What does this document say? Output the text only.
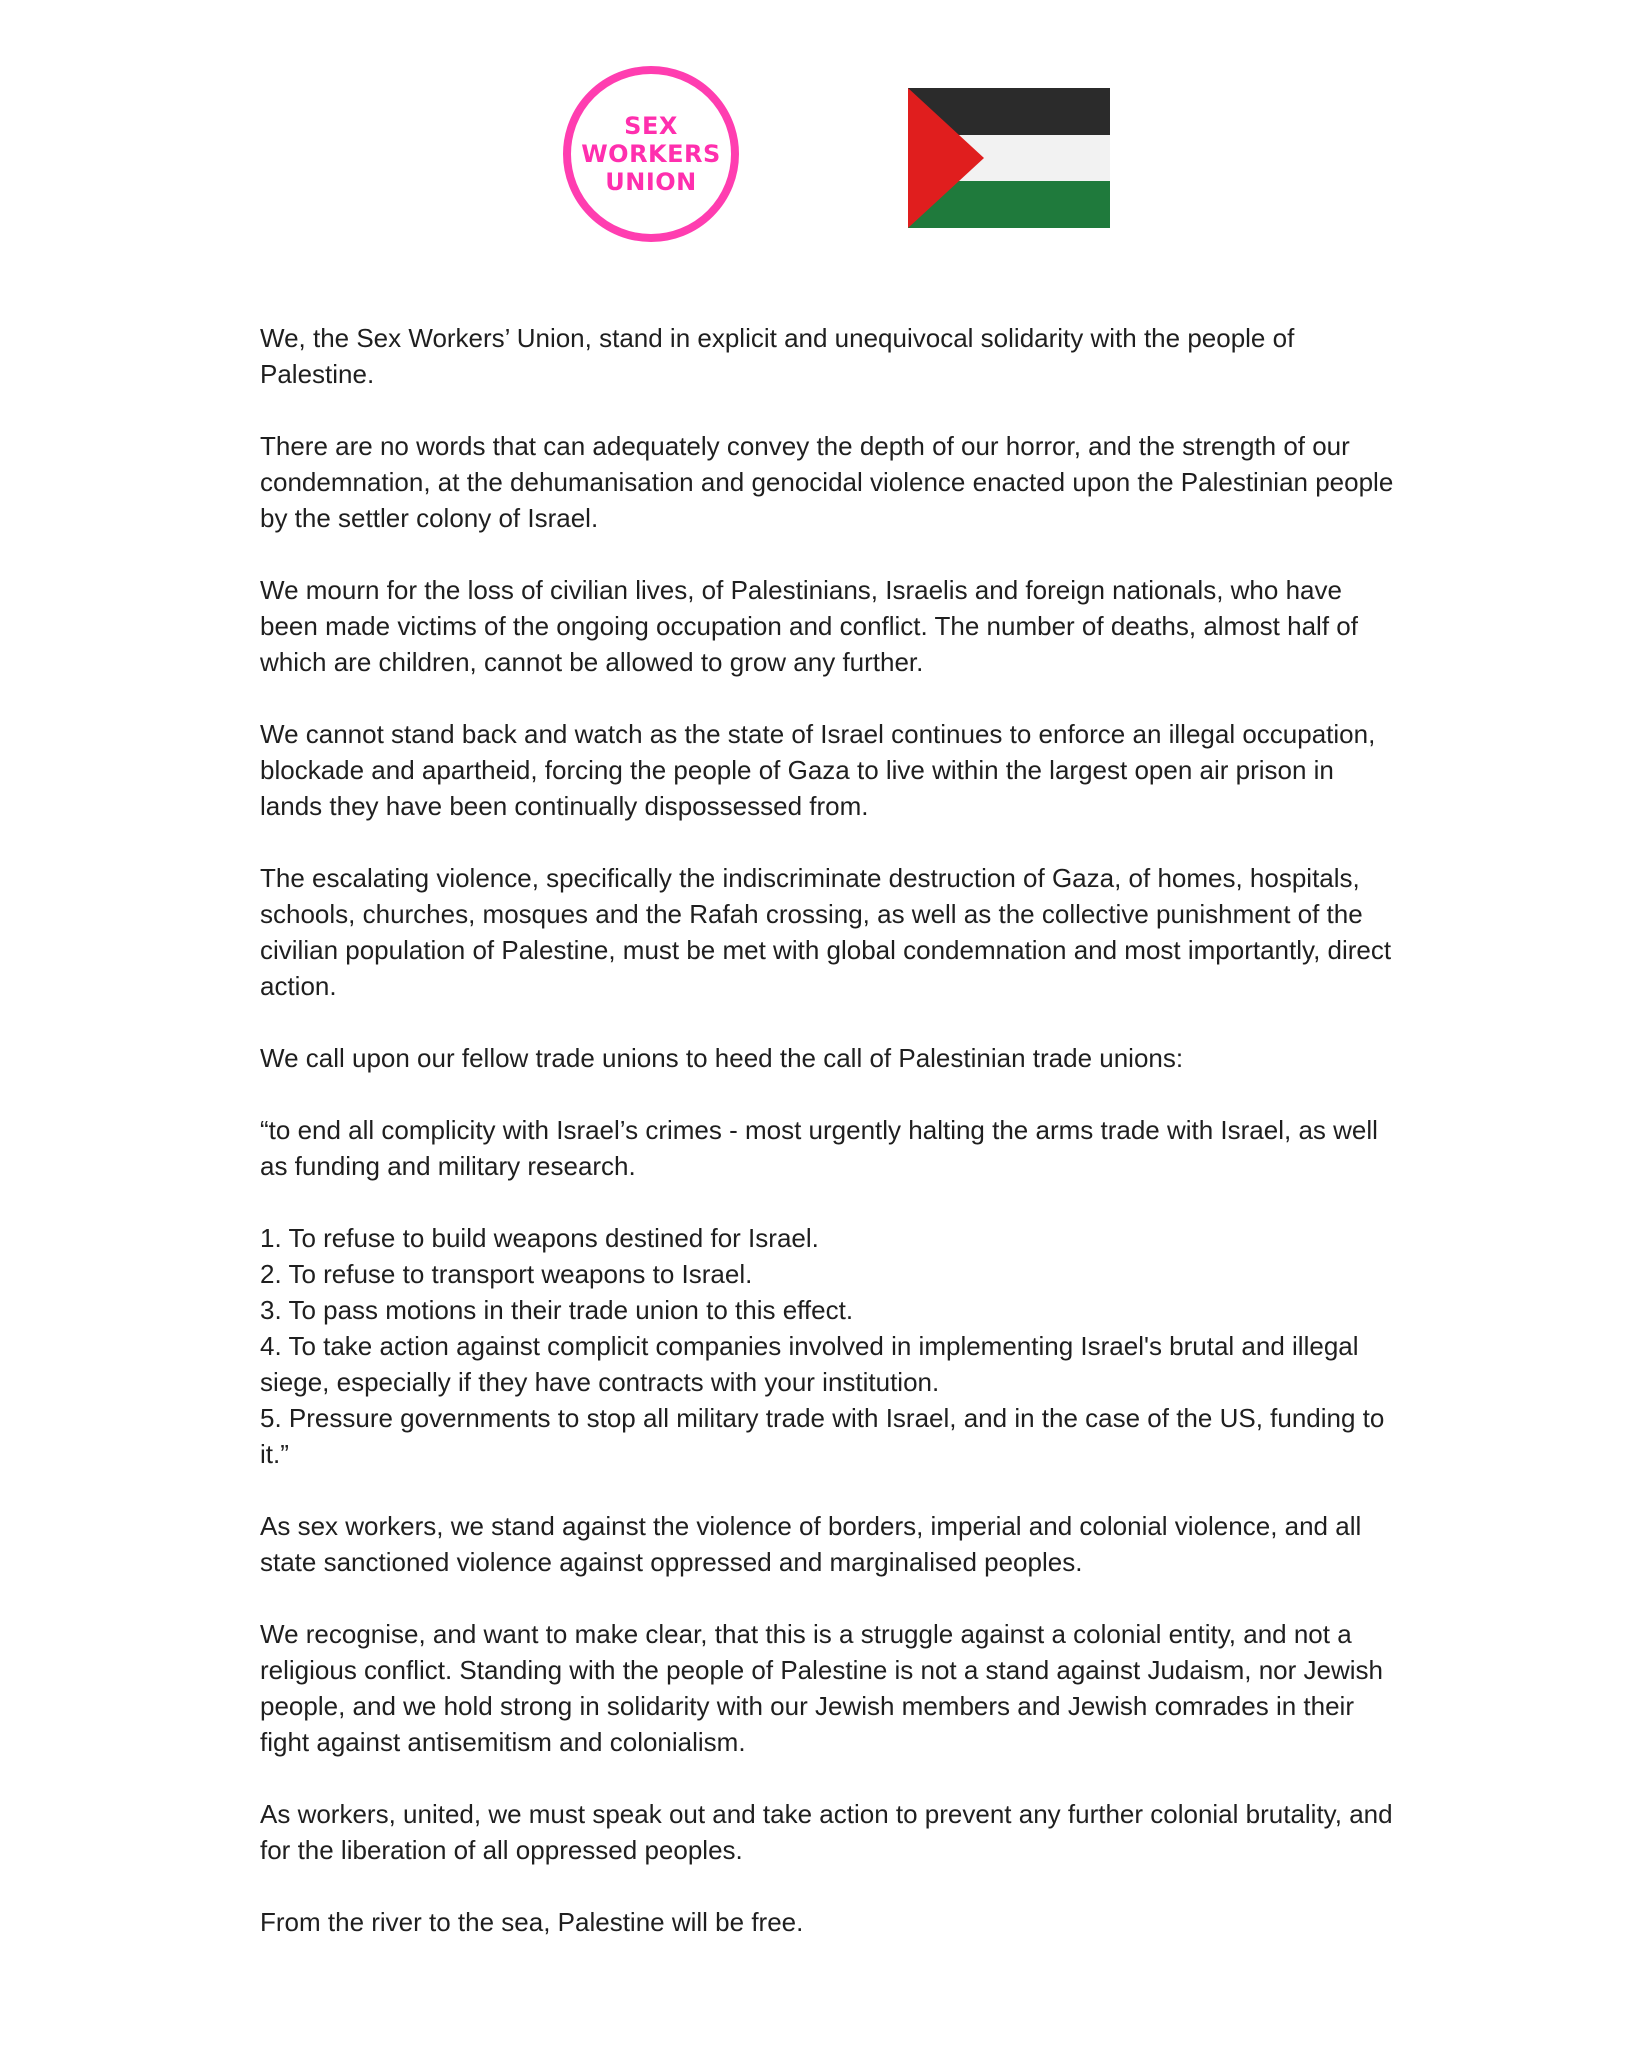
SEX
WORKERS
UNION

We, the Sex Workers’ Union, stand in explicit and unequivocal solidarity with the people of Palestine.

There are no words that can adequately convey the depth of our horror, and the strength of our condemnation, at the dehumanisation and genocidal violence enacted upon the Palestinian people by the settler colony of Israel.

We mourn for the loss of civilian lives, of Palestinians, Israelis and foreign nationals, who have been made victims of the ongoing occupation and conflict. The number of deaths, almost half of which are children, cannot be allowed to grow any further.

We cannot stand back and watch as the state of Israel continues to enforce an illegal occupation, blockade and apartheid, forcing the people of Gaza to live within the largest open air prison in lands they have been continually dispossessed from.

The escalating violence, specifically the indiscriminate destruction of Gaza, of homes, hospitals, schools, churches, mosques and the Rafah crossing, as well as the collective punishment of the civilian population of Palestine, must be met with global condemnation and most importantly, direct action.

We call upon our fellow trade unions to heed the call of Palestinian trade unions:

“to end all complicity with Israel’s crimes - most urgently halting the arms trade with Israel, as well as funding and military research.

1. To refuse to build weapons destined for Israel.
2. To refuse to transport weapons to Israel.
3. To pass motions in their trade union to this effect.
4. To take action against complicit companies involved in implementing Israel's brutal and illegal siege, especially if they have contracts with your institution.
5. Pressure governments to stop all military trade with Israel, and in the case of the US, funding to it.”

As sex workers, we stand against the violence of borders, imperial and colonial violence, and all state sanctioned violence against oppressed and marginalised peoples.

We recognise, and want to make clear, that this is a struggle against a colonial entity, and not a religious conflict. Standing with the people of Palestine is not a stand against Judaism, nor Jewish people, and we hold strong in solidarity with our Jewish members and Jewish comrades in their fight against antisemitism and colonialism.

As workers, united, we must speak out and take action to prevent any further colonial brutality, and for the liberation of all oppressed peoples.

From the river to the sea, Palestine will be free.
